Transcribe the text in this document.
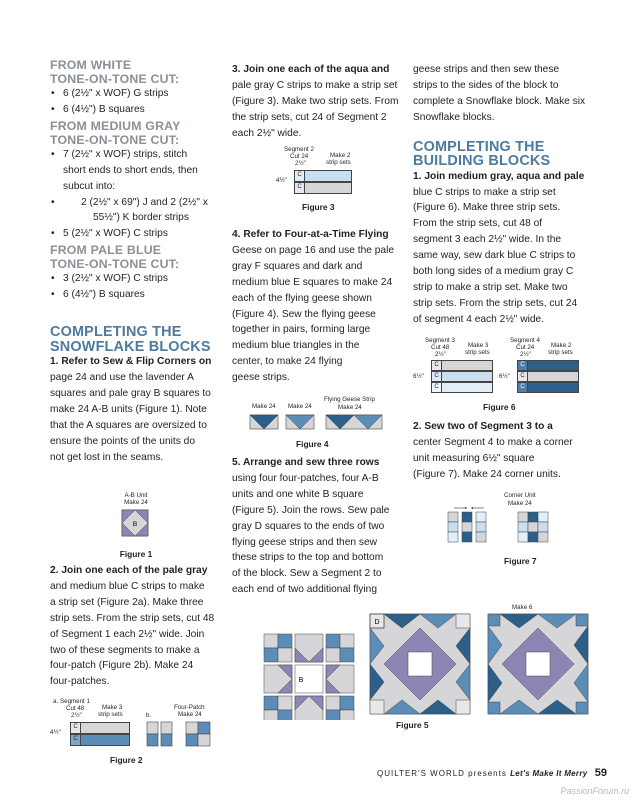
FROM WHITE
TONE-ON-TONE CUT:

• 6 (2½" x WOF) G strips
• 6 (4½") B squares

FROM MEDIUM GRAY
TONE-ON-TONE CUT:

• 7 (2½" x WOF) strips, stitch
short ends to short ends, then
subcut into:
• 2 (2½" x 69") J and 2 (2½" x
55½") K border strips
• 5 (2½" x WOF) C strips

FROM PALE BLUE
TONE-ON-TONE CUT:

• 3 (2½" x WOF) C strips
• 6 (4½") B squares

COMPLETING THE
SNOWFLAKE BLOCKS

1. Refer to Sew & Flip Corners on
page 24 and use the lavender A
squares and pale gray B squares to
make 24 A-B units (Figure 1). Note
that the A squares are oversized to
ensure the points of the units do
not get lost in the seams.

A-B Unit
Make 24
B
Figure 1

2. Join one each of the pale gray
and medium blue C strips to make
a strip set (Figure 2a). Make three
strip sets. From the strip sets, cut 48
of Segment 1 each 2½" wide. Join
two of these segments to make a
four-patch (Figure 2b). Make 24
four-patches.

a. Segment 1
Cut 48
2½"
Make 3
strip sets
4½"
C
C
b.
Four-Patch
Make 24
Figure 2

3. Join one each of the aqua and
pale gray C strips to make a strip set
(Figure 3). Make two strip sets. From
the strip sets, cut 24 of Segment 2
each 2½" wide.

Segment 2
Cut 24
2½"
Make 2
strip sets
4½"
C
C
Figure 3

4. Refer to Four-at-a-Time Flying
Geese on page 16 and use the pale
gray F squares and dark and
medium blue E squares to make 24
each of the flying geese shown
(Figure 4). Sew the flying geese
together in pairs, forming large
medium blue triangles in the
center, to make 24 flying
geese strips.

Make 24 Make 24
Flying Geese Strip
Make 24
Figure 4

5. Arrange and sew three rows
using four four-patches, four A-B
units and one white B square
(Figure 5). Join the rows. Sew pale
gray D squares to the ends of two
flying geese strips and then sew
these strips to the top and bottom
of the block. Sew a Segment 2 to
each end of two additional flying

geese strips and then sew these
strips to the sides of the block to
complete a Snowflake block. Make six
Snowflake blocks.

COMPLETING THE
BUILDING BLOCKS

1. Join medium gray, aqua and pale
blue C strips to make a strip set
(Figure 6). Make three strip sets.
From the strip sets, cut 48 of
segment 3 each 2½" wide. In the
same way, sew dark blue C strips to
both long sides of a medium gray C
strip to make a strip set. Make two
strip sets. From the strip sets, cut 24
of segment 4 each 2½" wide.

Segment 3
Cut 48
2½"
Make 3
strip sets
Segment 4
Cut 24
2½"
Make 2
strip sets
6½"	6½"
C
C
C
C
C
C
Figure 6

2. Sew two of Segment 3 to a
center Segment 4 to make a corner
unit measuring 6½" square
(Figure 7). Make 24 corner units.

Corner Unit
Make 24
Figure 7
D
B
Make 6
Figure 5
QUILTER'S WORLD presents Let's Make It Merry 59
PassionForum.ru
